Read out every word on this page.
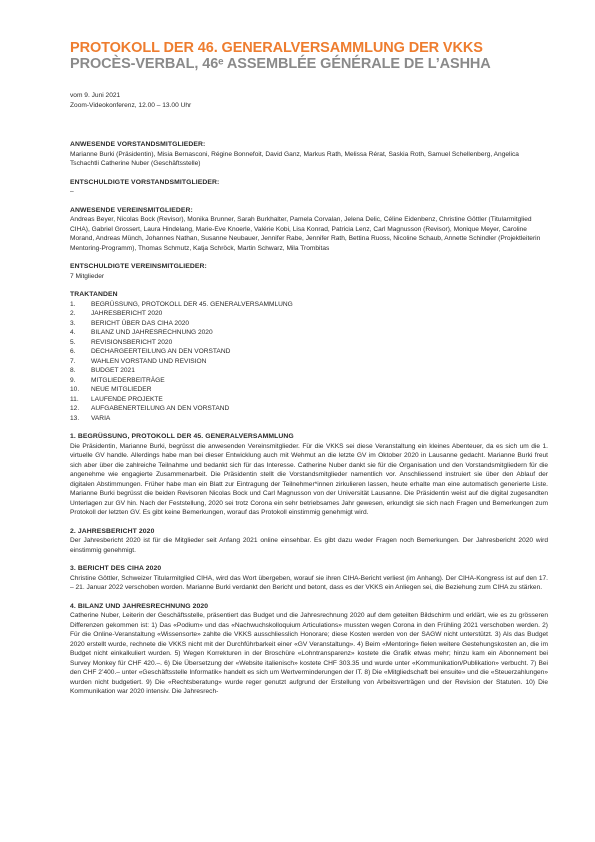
PROTOKOLL DER 46. GENERALVERSAMMLUNG DER VKKS
PROCÈS-VERBAL, 46ᵉ ASSEMBLÉE GÉNÉRALE DE L’ASHHA
vom 9. Juni 2021
Zoom-Videokonferenz, 12.00 – 13.00 Uhr
ANWESENDE VORSTANDSMITGLIEDER:
Marianne Burki (Präsidentin), Misia Bernasconi, Régine Bonnefoit, David Ganz, Markus Rath, Melissa Rérat, Saskia Roth, Samuel Schellenberg, Angelica Tschachtli Catherine Nuber (Geschäftsstelle)
ENTSCHULDIGTE VORSTANDSMITGLIEDER:
–
ANWESENDE VEREINSMITGLIEDER:
Andreas Beyer, Nicolas Bock (Revisor), Monika Brunner, Sarah Burkhalter, Pamela Corvalan, Jelena Delic, Céline Eidenbenz, Christine Göttler (Titularmitglied CIHA), Gabriel Grossert, Laura Hindelang, Marie-Eve Knoerle, Valérie Kobi, Lisa Konrad, Patricia Lenz, Carl Magnusson (Revisor), Monique Meyer, Caroline Morand, Andreas Münch, Johannes Nathan, Susanne Neubauer, Jennifer Rabe, Jennifer Rath, Bettina Ruoss, Nicoline Schaub, Annette Schindler (Projektleiterin Mentoring-Programm), Thomas Schmutz, Katja Schröck, Martin Schwarz, Mila Trombitas
ENTSCHULDIGTE VEREINSMITGLIEDER:
7 Mitglieder
TRAKTANDEN
1.	BEGRÜSSUNG, PROTOKOLL DER 45. GENERALVERSAMMLUNG
2.	JAHRESBERICHT 2020
3.	BERICHT ÜBER DAS CIHA 2020
4.	BILANZ UND JAHRESRECHNUNG 2020
5.	REVISIONSBERICHT 2020
6.	DECHARGEERTEILUNG AN DEN VORSTAND
7.	WAHLEN VORSTAND UND REVISION
8.	BUDGET 2021
9.	MITGLIEDERBEITRÄGE
10.	NEUE MITGLIEDER
11.	LAUFENDE PROJEKTE
12.	AUFGABENERTEILUNG AN DEN VORSTAND
13.	VARIA
1. BEGRÜSSUNG, PROTOKOLL DER 45. GENERALVERSAMMLUNG
Die Präsidentin, Marianne Burki, begrüsst die anwesenden Vereinsmitglieder. Für die VKKS sei diese Veranstaltung ein kleines Abenteuer, da es sich um die 1. virtuelle GV handle. Allerdings habe man bei dieser Entwicklung auch mit Wehmut an die letzte GV im Oktober 2020 in Lausanne gedacht. Marianne Burki freut sich aber über die zahlreiche Teilnahme und bedankt sich für das Interesse. Catherine Nuber dankt sie für die Organisation und den Vorstandsmitgliedern für die angenehme wie engagierte Zusammenarbeit. Die Präsidentin stellt die Vorstandsmitglieder namentlich vor. Anschliessend instruiert sie über den Ablauf der digitalen Abstimmungen. Früher habe man ein Blatt zur Eintragung der Teilnehmer*innen zirkulieren lassen, heute erhalte man eine automatisch generierte Liste. Marianne Burki begrüsst die beiden Revisoren Nicolas Bock und Carl Magnusson von der Universität Lausanne. Die Präsidentin weist auf die digital zugesandten Unterlagen zur GV hin. Nach der Feststellung, 2020 sei trotz Corona ein sehr betriebsames Jahr gewesen, erkundigt sie sich nach Fragen und Bemerkungen zum Protokoll der letzten GV. Es gibt keine Bemerkungen, worauf das Protokoll einstimmig genehmigt wird.
2. JAHRESBERICHT 2020
Der Jahresbericht 2020 ist für die Mitglieder seit Anfang 2021 online einsehbar. Es gibt dazu weder Fragen noch Bemerkungen. Der Jahresbericht 2020 wird einstimmig genehmigt.
3. BERICHT DES CIHA 2020
Christine Göttler, Schweizer Titularmitglied CIHA, wird das Wort übergeben, worauf sie ihren CIHA-Bericht verliest (im Anhang). Der CIHA-Kongress ist auf den 17. – 21. Januar 2022 verschoben worden. Marianne Burki verdankt den Bericht und betont, dass es der VKKS ein Anliegen sei, die Beziehung zum CIHA zu stärken.
4. BILANZ UND JAHRESRECHNUNG 2020
Catherine Nuber, Leiterin der Geschäftsstelle, präsentiert das Budget und die Jahresrechnung 2020 auf dem geteilten Bildschirm und erklärt, wie es zu grösseren Differenzen gekommen ist: 1) Das «Podium» und das «Nachwuchskolloquium Articulations» mussten wegen Corona in den Frühling 2021 verschoben werden. 2) Für die Online-Veranstaltung «Wissensorte» zahlte die VKKS ausschliesslich Honorare; diese Kosten werden von der SAGW nicht unterstützt. 3) Als das Budget 2020 erstellt wurde, rechnete die VKKS nicht mit der Durchführbarkeit einer «GV Veranstaltung». 4) Beim «Mentoring» fielen weitere Gestehungskosten an, die im Budget nicht einkalkuliert wurden. 5) Wegen Korrekturen in der Broschüre «Lohntransparenz» kostete die Grafik etwas mehr; hinzu kam ein Abonnement bei Survey Monkey für CHF 420.–. 6) Die Übersetzung der «Website italienisch» kostete CHF 303.35 und wurde unter «Kommunikation/Publikation» verbucht. 7) Bei den CHF 2’400.– unter «Geschäftsstelle Informatik» handelt es sich um Wertverminderungen der IT. 8) Die «Mitgliedschaft bei ensuite» und die «Steuerzahlungen» wurden nicht budgetiert. 9) Die «Rechtsberatung» wurde reger genutzt aufgrund der Erstellung von Arbeitsverträgen und der Revision der Statuten. 10) Die Kommunikation war 2020 intensiv. Die Jahresrech-
